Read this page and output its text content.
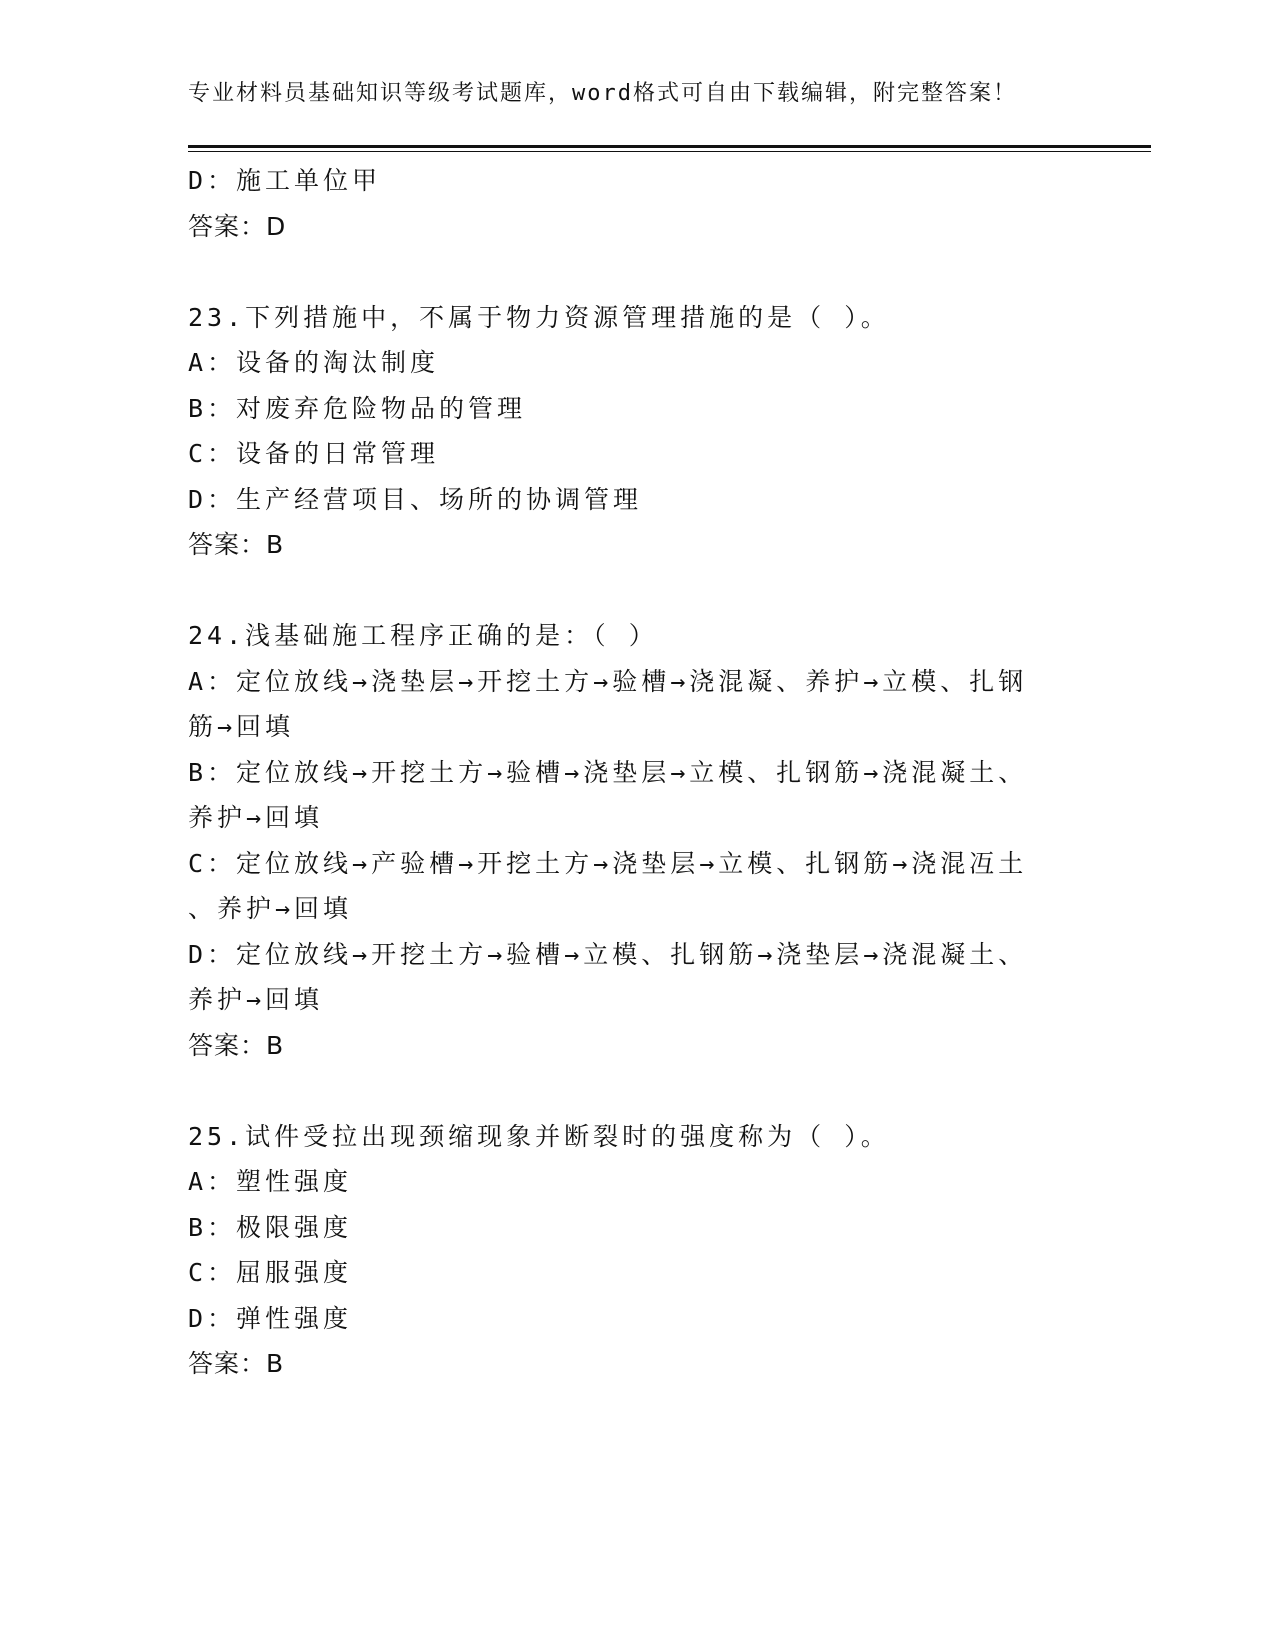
专业材料员基础知识等级考试题库，word格式可自由下载编辑，附完整答案！
D：施工单位甲
答案：D
23.下列措施中，不属于物力资源管理措施的是（ ）。
A：设备的淘汰制度
B：对废弃危险物品的管理
C：设备的日常管理
D：生产经营项目、场所的协调管理
答案：B
24.浅基础施工程序正确的是：（ ）
A：定位放线→浇垫层→开挖土方→验槽→浇混凝、养护→立模、扎钢
筋→回填
B：定位放线→开挖土方→验槽→浇垫层→立模、扎钢筋→浇混凝土、
养护→回填
C：定位放线→产验槽→开挖土方→浇垫层→立模、扎钢筋→浇混冱土
、养护→回填
D：定位放线→开挖土方→验槽→立模、扎钢筋→浇垫层→浇混凝土、
养护→回填
答案：B
25.试件受拉出现颈缩现象并断裂时的强度称为（ ）。
A：塑性强度
B：极限强度
C：屈服强度
D：弹性强度
答案：B
